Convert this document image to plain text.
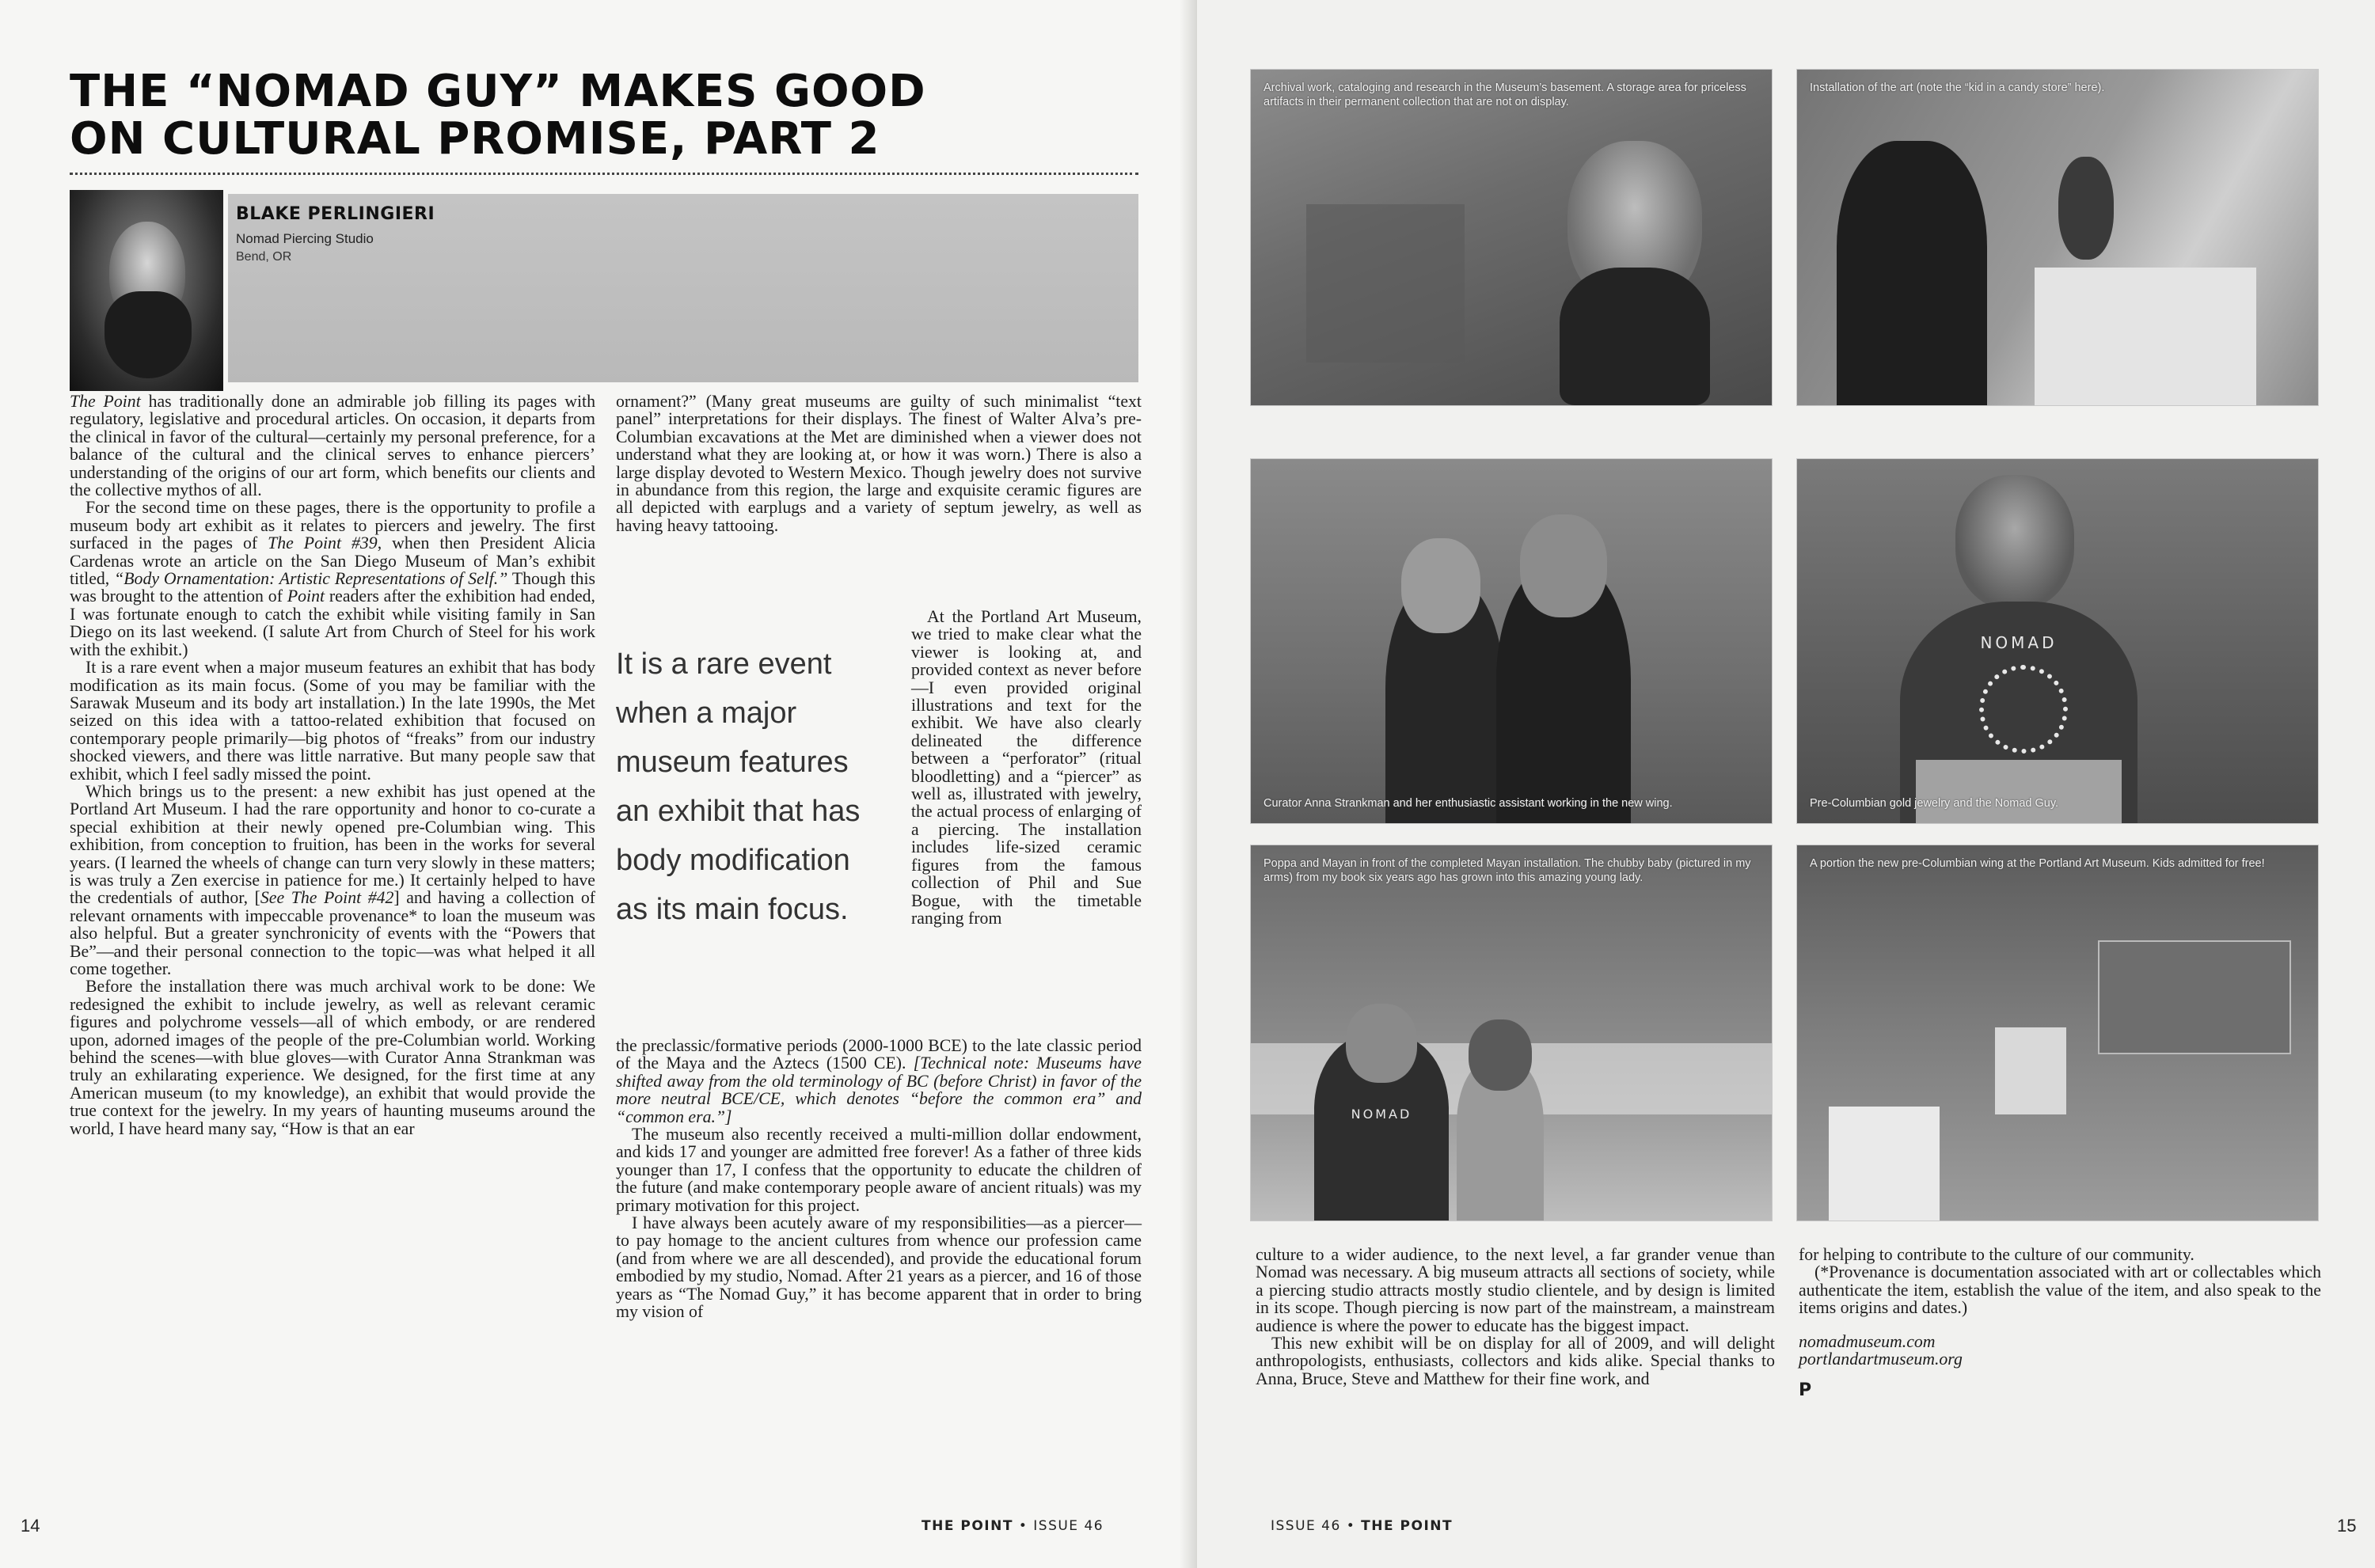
THE “NOMAD GUY” MAKES GOOD
ON CULTURAL PROMISE, PART 2
BLAKE PERLINGIERI
Nomad Piercing Studio
Bend, OR

The Point has traditionally done an admirable job filling its pages with regulatory, legislative and procedural articles. On occasion, it departs from the clinical in favor of the cultural—certainly my personal preference, for a balance of the cultural and the clinical serves to enhance piercers’ understanding of the origins of our art form, which benefits our clients and the collective mythos of all.

For the second time on these pages, there is the opportunity to profile a museum body art exhibit as it relates to piercers and jewelry. The first surfaced in the pages of The Point #39, when then President Alicia Cardenas wrote an article on the San Diego Museum of Man’s exhibit titled, “Body Ornamentation: Artistic Representations of Self.” Though this was brought to the attention of Point readers after the exhibition had ended, I was fortunate enough to catch the exhibit while visiting family in San Diego on its last weekend. (I salute Art from Church of Steel for his work with the exhibit.)

It is a rare event when a major museum features an exhibit that has body modification as its main focus. (Some of you may be familiar with the Sarawak Museum and its body art installation.) In the late 1990s, the Met seized on this idea with a tattoo-related exhibition that focused on contemporary people primarily—big photos of “freaks” from our industry shocked viewers, and there was little narrative. But many people saw that exhibit, which I feel sadly missed the point.

Which brings us to the present: a new exhibit has just opened at the Portland Art Museum. I had the rare opportunity and honor to co-curate a special exhibition at their newly opened pre-Columbian wing. This exhibition, from conception to fruition, has been in the works for several years. (I learned the wheels of change can turn very slowly in these matters; is was truly a Zen exercise in patience for me.) It certainly helped to have the credentials of author, [See The Point #42] and having a collection of relevant ornaments with impeccable provenance* to loan the museum was also helpful. But a greater synchronicity of events with the “Powers that Be”—and their personal connection to the topic—was what helped it all come together.

Before the installation there was much archival work to be done: We redesigned the exhibit to include jewelry, as well as relevant ceramic figures and polychrome vessels—all of which embody, or are rendered upon, adorned images of the people of the pre-Columbian world. Working behind the scenes—with blue gloves—with Curator Anna Strankman was truly an exhilarating experience. We designed, for the first time at any American museum (to my knowledge), an exhibit that would provide the true context for the jewelry. In my years of haunting museums around the world, I have heard many say, “How is that an ear

ornament?” (Many great museums are guilty of such minimalist “text panel” interpretations for their displays. The finest of Walter Alva’s pre-Columbian excavations at the Met are diminished when a viewer does not understand what they are looking at, or how it was worn.) There is also a large display devoted to Western Mexico. Though jewelry does not survive in abundance from this region, the large and exquisite ceramic figures are all depicted with earplugs and a variety of septum jewelry, as well as having heavy tattooing.

It is a rare event when a major museum features an exhibit that has body modification as its main focus.

At the Portland Art Museum, we tried to make clear what the viewer is looking at, and provided context as never before—I even provided original illustrations and text for the exhibit. We have also clearly delineated the difference between a “perforator” (ritual bloodletting) and a “piercer” as well as, illustrated with jewelry, the actual process of enlarging of a piercing. The installation includes life-sized ceramic figures from the famous collection of Phil and Sue Bogue, with the timetable ranging from

the preclassic/formative periods (2000-1000 BCE) to the late classic period of the Maya and the Aztecs (1500 CE). [Technical note: Museums have shifted away from the old terminology of BC (before Christ) in favor of the more neutral BCE/CE, which denotes “before the common era” and “common era.”]

The museum also recently received a multi-million dollar endowment, and kids 17 and younger are admitted free forever! As a father of three kids younger than 17, I confess that the opportunity to educate the children of the future (and make contemporary people aware of ancient rituals) was my primary motivation for this project.

I have always been acutely aware of my responsibilities—as a piercer—to pay homage to the ancient cultures from whence our profession came (and from where we are all descended), and provide the educational forum embodied by my studio, Nomad. After 21 years as a piercer, and 16 of those years as “The Nomad Guy,” it has become apparent that in order to bring my vision of

14	THE POINT • ISSUE 46	ISSUE 46 • THE POINT	15
Archival work, cataloging and research in the Museum’s basement. A storage area for priceless artifacts in their permanent collection that are not on display.
Installation of the art (note the “kid in a candy store” here).
Curator Anna Strankman and her enthusiastic assistant working in the new wing.
NOMAD
Pre-Columbian gold jewelry and the Nomad Guy.
NOMAD
Poppa and Mayan in front of the completed Mayan installation. The chubby baby (pictured in my arms) from my book six years ago has grown into this amazing young lady.
A portion the new pre-Columbian wing at the Portland Art Museum. Kids admitted for free!

culture to a wider audience, to the next level, a far grander venue than Nomad was necessary. A big museum attracts all sections of society, while a piercing studio attracts mostly studio clientele, and by design is limited in its scope. Though piercing is now part of the mainstream, a mainstream audience is where the power to educate has the biggest impact.

This new exhibit will be on display for all of 2009, and will delight anthropologists, enthusiasts, collectors and kids alike. Special thanks to Anna, Bruce, Steve and Matthew for their fine work, and

for helping to contribute to the culture of our community.

(*Provenance is documentation associated with art or collectables which authenticate the item, establish the value of the item, and also speak to the items origins and dates.)

nomadmuseum.com
portlandartmuseum.org
P
